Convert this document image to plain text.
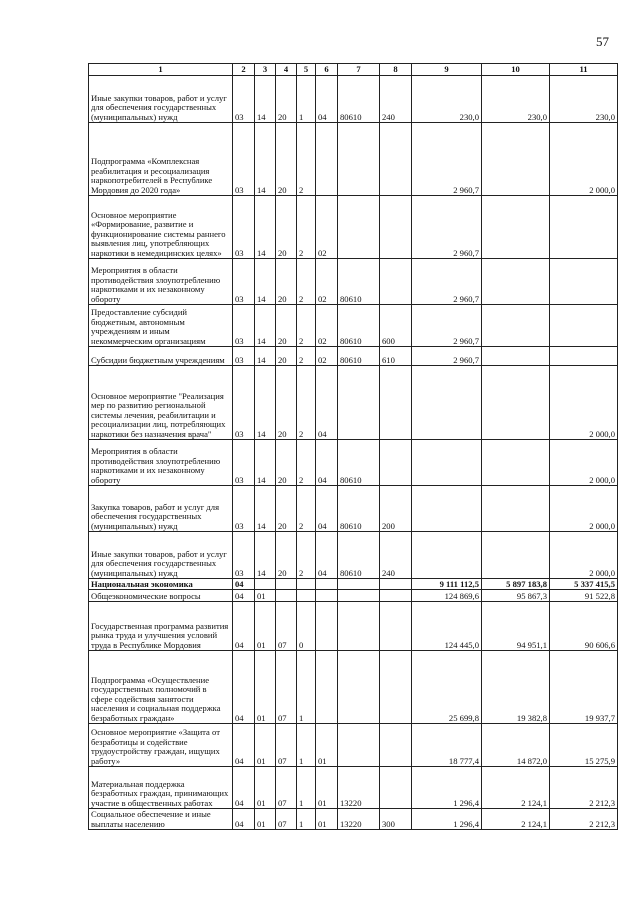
57
1	2	3	4	5	6	7	8	9	10	11
Иные закупки товаров, работ и услуг для обеспечения государственных (муниципальных) нужд	03	14	20	1	04	80610	240	230,0	230,0	230,0
Подпрограмма «Комплексная реабилитация и ресоциализация наркопотребителей в Республике Мордовия до 2020 года»	03	14	20	2				2 960,7		2 000,0
Основное мероприятие «Формирование, развитие и функционирование системы раннего выявления лиц, употребляющих наркотики в немедицинских целях»	03	14	20	2	02			2 960,7		
Мероприятия в области противодействия злоупотреблению наркотиками и их незаконному обороту	03	14	20	2	02	80610		2 960,7		
Предоставление субсидий бюджетным, автономным учреждениям и иным некоммерческим организациям	03	14	20	2	02	80610	600	2 960,7		
Субсидии бюджетным учреждениям	03	14	20	2	02	80610	610	2 960,7		
Основное мероприятие "Реализация мер по развитию региональной системы лечения, реабилитации и ресоциализации лиц, потребляющих наркотики без назначения врача"	03	14	20	2	04					2 000,0
Мероприятия в области противодействия злоупотреблению наркотиками и их незаконному обороту	03	14	20	2	04	80610				2 000,0
Закупка товаров, работ и услуг для обеспечения государственных (муниципальных) нужд	03	14	20	2	04	80610	200			2 000,0
Иные закупки товаров, работ и услуг для обеспечения государственных (муниципальных) нужд	03	14	20	2	04	80610	240			2 000,0
Национальная экономика	04							9 111 112,5	5 897 183,8	5 337 415,5
Общеэкономические вопросы	04	01						124 869,6	95 867,3	91 522,8
Государственная программа развития рынка труда и улучшения условий труда в Республике Мордовия	04	01	07	0				124 445,0	94 951,1	90 606,6
Подпрограмма «Осуществление государственных полномочий в сфере содействия занятости населения и социальная поддержка безработных граждан»	04	01	07	1				25 699,8	19 382,8	19 937,7
Основное мероприятие «Защита от безработицы и содействие трудоустройству граждан, ищущих работу»	04	01	07	1	01			18 777,4	14 872,0	15 275,9
Материальная поддержка безработных граждан, принимающих участие в общественных работах	04	01	07	1	01	13220		1 296,4	2 124,1	2 212,3
Социальное обеспечение и иные выплаты населению	04	01	07	1	01	13220	300	1 296,4	2 124,1	2 212,3
